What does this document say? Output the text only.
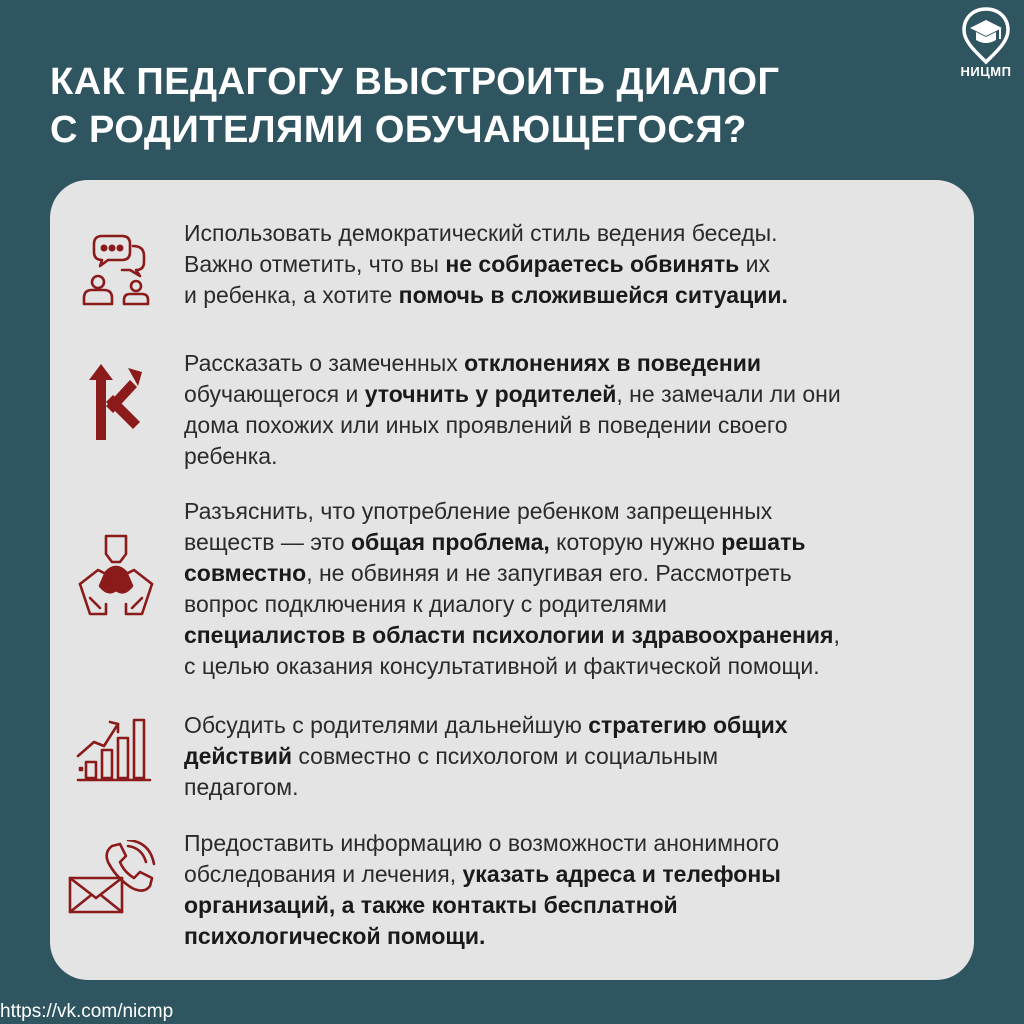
КАК ПЕДАГОГУ ВЫСТРОИТЬ ДИАЛОГ
С РОДИТЕЛЯМИ ОБУЧАЮЩЕГОСЯ?
НИЦМП

Использовать демократический стиль ведения беседы.
Важно отметить, что вы не собираетесь обвинять их
и ребенка, а хотите помочь в сложившейся ситуации.

Рассказать о замеченных отклонениях в поведении
обучающегося и уточнить у родителей, не замечали ли они
дома похожих или иных проявлений в поведении своего
ребенка.

Разъяснить, что употребление ребенком запрещенных
веществ — это общая проблема, которую нужно решать
совместно, не обвиняя и не запугивая его. Рассмотреть
вопрос подключения к диалогу с родителями
специалистов в области психологии и здравоохранения,
с целью оказания консультативной и фактической помощи.

Обсудить с родителями дальнейшую стратегию общих
действий совместно с психологом и социальным
педагогом.

Предоставить информацию о возможности анонимного
обследования и лечения, указать адреса и телефоны
организаций, а также контакты бесплатной
психологической помощи.

https://vk.com/nicmp
